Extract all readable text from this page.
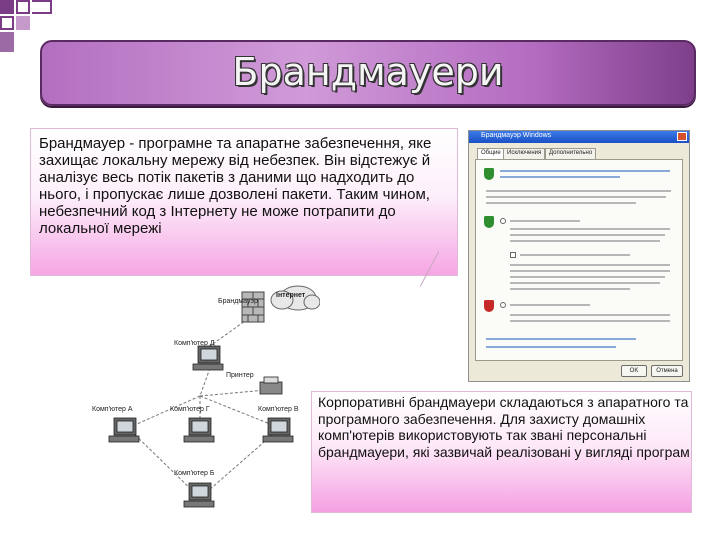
Брандмауери
Брандмауер - програмне та апаратне забезпечення, яке захищає локальну мережу від небезпек. Він відстежує й аналізує весь потік пакетів з даними що надходить до нього, і пропускає лише дозволені пакети. Таким чином, небезпечний код з Інтернету не може потрапити до локальної мережі
Брандмауэр Windows
Общие	Исключения	Дополнительно
OK	Отмена
Брандмауэр
Інтернет
Комп'ютер Д
Принтер
Комп'ютер А	Комп'ютер Г	Комп'ютер В
Комп'ютер Б
Корпоративні брандмауери складаються з апаратного та програмного забезпечення. Для захисту домашніх комп'ютерів використовують так звані персональні брандмауери, які зазвичай реалізовані у вигляді програм
